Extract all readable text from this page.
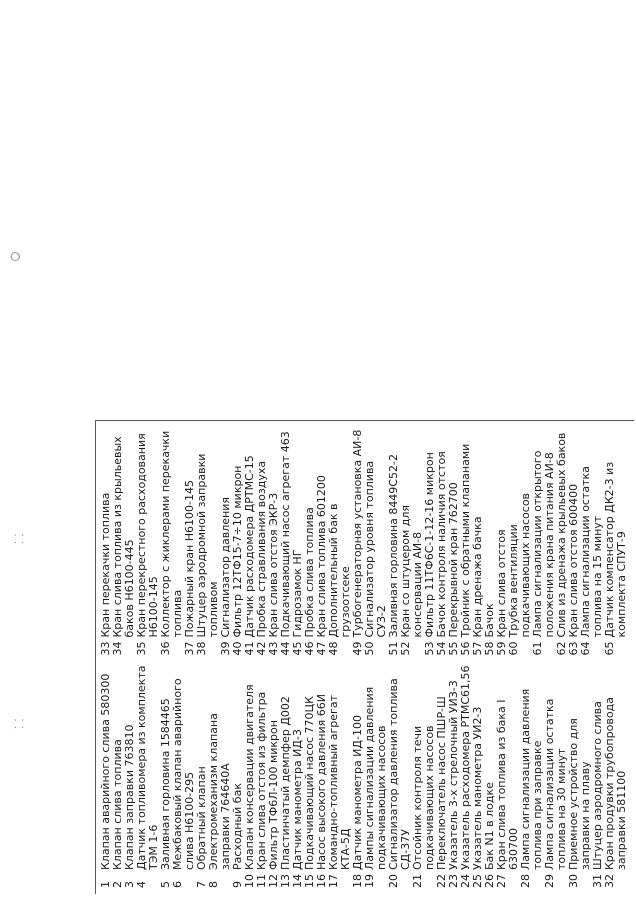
ⵔ
⸬
⸬
1
Клапан аварийного слива 580300
2
Клапан слива топлива
3
Клапан заправки 763810
4
Датчик топливомера из комплекта ТЭМ 1-6
5
Заливная горловина 1584465
6
Межбаковый клапан аварийного слива Н6100-295
7
Обратный клапан
8
Электромеханизм клапана заправки 764640А
9
Расходный бак
10
Клапан консервации двигателя
11
Кран слива отстоя из фильтра
12
Фильтр ТФ6Л-100 микрон
13
Пластинчатый демпфер Д002
14
Датчик манометра ИД-3
15
Подкачивающий насос 770ЦК
16
Насос высокого давления 66И
17
Командно-топливный агрегат КТА-5Д
18
Датчик манометра ИД-100
19
Лампы сигнализации давления подкачивающих насосов
20
Сигнализатор давления топлива СД-37У
21
Отсойник контроля течи подкачивающих насосов
22
Переключатель насос ПШР-Ш
23
Указатель 3-х стрелочный УИЗ-3
24
Указатель расходомера РТМС61,56
25
Указатель манометра УИ2-3
26
Бак N1 в лодке
27
Кран слива топлива из бака I 630700
28
Лампа сигнализации давления топлива при заправке
29
Лампа сигнализации остатка топлива на 30 минут
30
Приемное устройство для заправки на плаву
31
Штуцер аэродромного слива
32
Кран продувки трубопровода заправки 581100
33
Кран перекачки топлива
34
Кран слива топлива из крыльевых баков Н6100-445
35
Кран перекрестного расходования Н6100-145
36
Коллектор с жиклерами перекачки топлива
37
Пожарный кран Н6100-145
38
Штуцер аэродромной заправки топливом
39
Сигнализатор давления
40
Фильтр 12ТФ15-7÷10 микрон
41
Датчик расходомера ДРТМС-15
42
Пробка стравливания воздуха
43
Кран слива отстоя ЭКР-3
44
Подкачивающий насос агрегат 463
45
Гидрозамок НГ
46
Пробка слива топлива
47
Кран слива топлива 601200
48
Дополнительный бак в грузоотсеке
49
Турбогенераторная установка АИ-8
50
Сигнализатор уровня топлива СУЗ-2
51
Заливная горловина 8449С52-2
52
Кран со штуцером для консервации АИ-8
53
Фильтр 11ТФ6С-1-12-16 микрон
54
Бачок контроля наличия отстоя
55
Перекрывной кран 762700
56
Тройник с обратными клапанами
57
Кран дренажа бачка
58
Бачок
59
Кран слива отстоя
60
Трубка вентиляции подкачивающих насосов
61
Лампа сигнализации открытого положения крана питания АИ-8
62
Слив из дренажа крыльевых баков
63
Кран слива отстоя 600400
64
Лампа сигнализации остатка топлива на 15 минут
65
Датчик компенсатор ДК2-3 из комплекта СПУТ-9
